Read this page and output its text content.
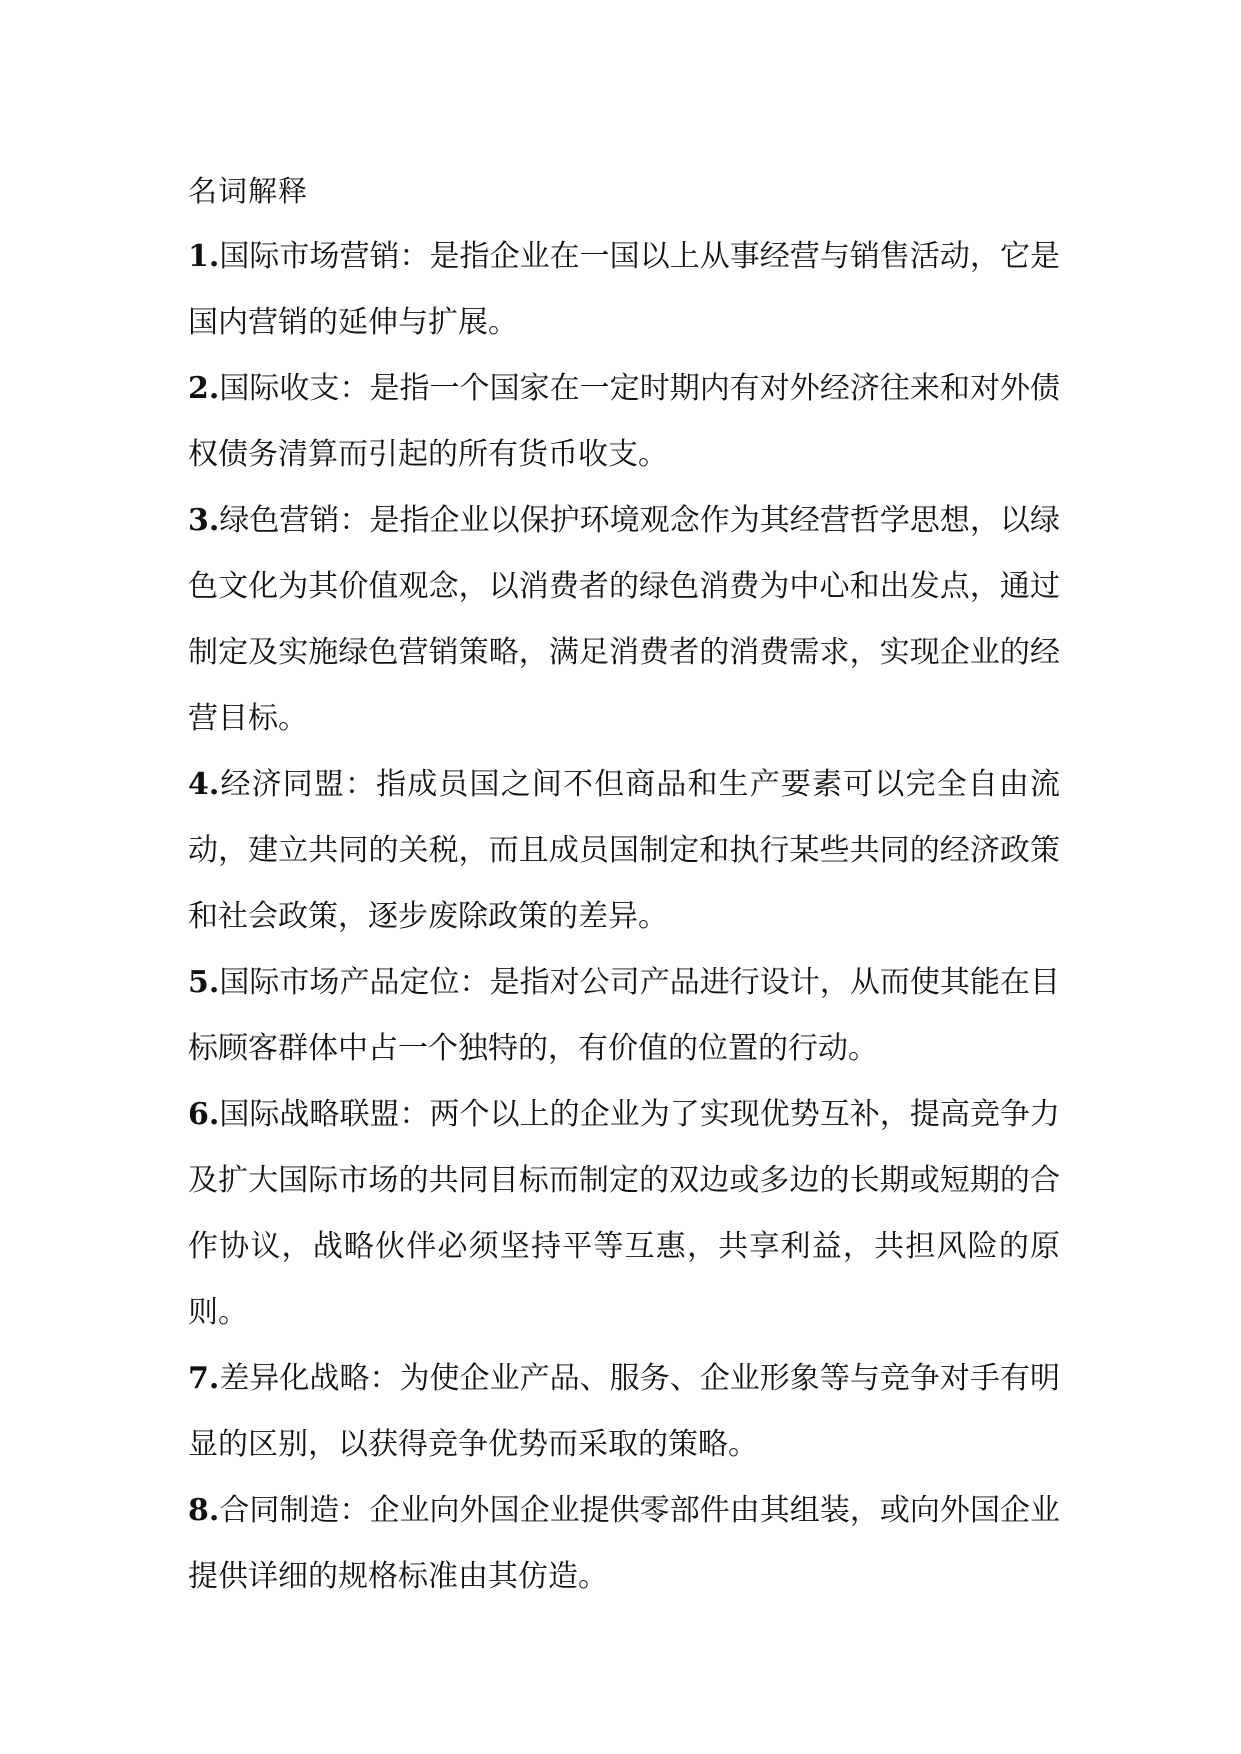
名词解释

1.国际市场营销：是指企业在一国以上从事经营与销售活动，它是国内营销的延伸与扩展。

2.国际收支：是指一个国家在一定时期内有对外经济往来和对外债权债务清算而引起的所有货币收支。

3.绿色营销：是指企业以保护环境观念作为其经营哲学思想，以绿色文化为其价值观念，以消费者的绿色消费为中心和出发点，通过制定及实施绿色营销策略，满足消费者的消费需求，实现企业的经营目标。

4.经济同盟：指成员国之间不但商品和生产要素可以完全自由流动，建立共同的关税，而且成员国制定和执行某些共同的经济政策和社会政策，逐步废除政策的差异。

5.国际市场产品定位：是指对公司产品进行设计，从而使其能在目标顾客群体中占一个独特的，有价值的位置的行动。

6.国际战略联盟：两个以上的企业为了实现优势互补，提高竞争力及扩大国际市场的共同目标而制定的双边或多边的长期或短期的合作协议，战略伙伴必须坚持平等互惠，共享利益，共担风险的原则。

7.差异化战略：为使企业产品、服务、企业形象等与竞争对手有明显的区别，以获得竞争优势而采取的策略。

8.合同制造：企业向外国企业提供零部件由其组装，或向外国企业提供详细的规格标准由其仿造。
